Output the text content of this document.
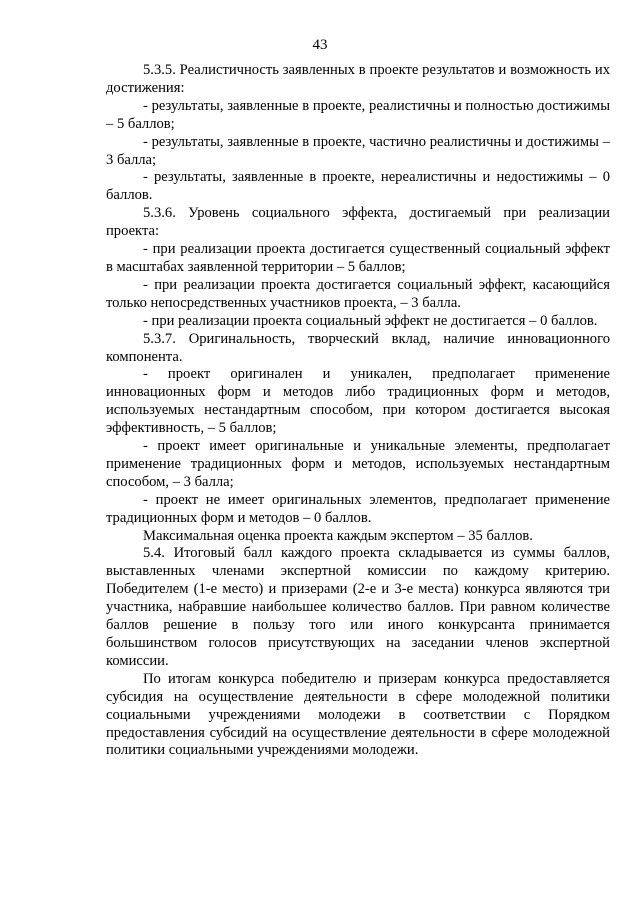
43

5.3.5. Реалистичность заявленных в проекте результатов и возможность их достижения:

- результаты, заявленные в проекте, реалистичны и полностью достижимы – 5 баллов;

- результаты, заявленные в проекте, частично реалистичны и достижимы – 3 балла;

- результаты, заявленные в проекте, нереалистичны и недостижимы – 0 баллов.

5.3.6. Уровень социального эффекта, достигаемый при реализации проекта:

- при реализации проекта достигается существенный социальный эффект в масштабах заявленной территории – 5 баллов;

- при реализации проекта достигается социальный эффект, касающийся только непосредственных участников проекта, – 3 балла.

- при реализации проекта социальный эффект не достигается – 0 баллов.

5.3.7. Оригинальность, творческий вклад, наличие инновационного компонента.

- проект оригинален и уникален, предполагает применение инновационных форм и методов либо традиционных форм и методов, используемых нестандартным способом, при котором достигается высокая эффективность, – 5 баллов;

- проект имеет оригинальные и уникальные элементы, предполагает применение традиционных форм и методов, используемых нестандартным способом, – 3 балла;

- проект не имеет оригинальных элементов, предполагает применение традиционных форм и методов – 0 баллов.

Максимальная оценка проекта каждым экспертом – 35 баллов.

5.4. Итоговый балл каждого проекта складывается из суммы баллов, выставленных членами экспертной комиссии по каждому критерию. Победителем (1-е место) и призерами (2-е и 3-е места) конкурса являются три участника, набравшие наибольшее количество баллов. При равном количестве баллов решение в пользу того или иного конкурсанта принимается большинством голосов присутствующих на заседании членов экспертной комиссии.

По итогам конкурса победителю и призерам конкурса предоставляется субсидия на осуществление деятельности в сфере молодежной политики социальными учреждениями молодежи в соответствии с Порядком предоставления субсидий на осуществление деятельности в сфере молодежной политики социальными учреждениями молодежи.
